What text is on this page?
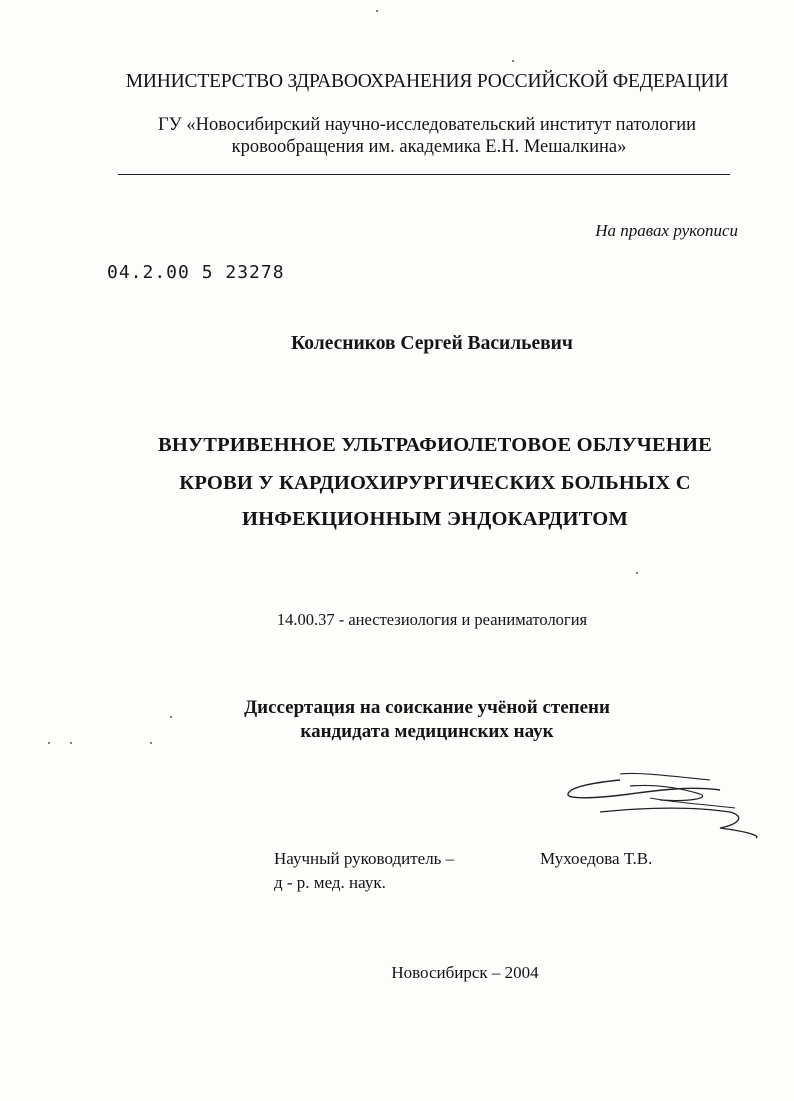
МИНИСТЕРСТВО ЗДРАВООХРАНЕНИЯ РОССИЙСКОЙ ФЕДЕРАЦИИ
ГУ «Новосибирский научно-исследовательский институт патологии
кровообращения им. академика Е.Н. Мешалкина»
На правах рукописи
04.2.00 5 23278
Колесников Сергей Васильевич
ВНУТРИВЕННОЕ УЛЬТРАФИОЛЕТОВОЕ ОБЛУЧЕНИЕ
КРОВИ У КАРДИОХИРУРГИЧЕСКИХ БОЛЬНЫХ С
ИНФЕКЦИОННЫМ ЭНДОКАРДИТОМ
14.00.37 - анестезиология и реаниматология
Диссертация на соискание учёной степени
кандидата медицинских наук
Научный руководитель –
д - р. мед. наук.
Мухоедова Т.В.
Новосибирск – 2004
